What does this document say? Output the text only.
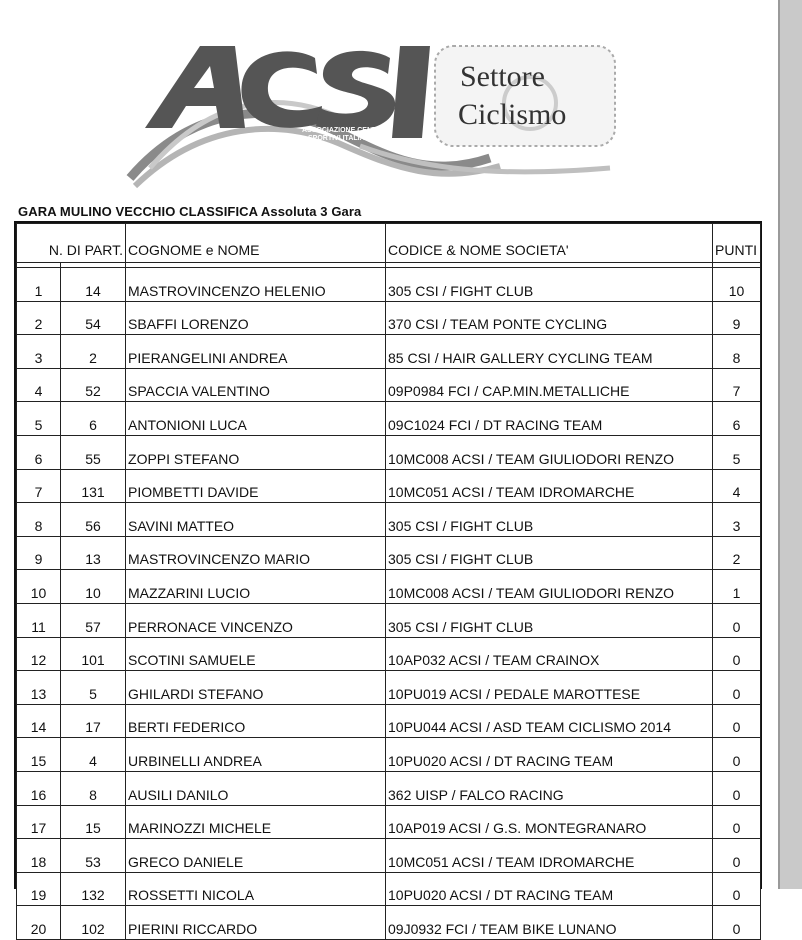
ASSOCIAZIONE CENTRI
SPORTIVI ITALIANI
Settore
Ciclismo
GARA MULINO VECCHIO CLASSIFICA Assoluta 3 Gara
N. DI PART.		COGNOME e NOME	CODICE & NOME SOCIETA'	PUNTI

1	14	MASTROVINCENZO HELENIO	305 CSI / FIGHT CLUB	10
2	54	SBAFFI LORENZO	370 CSI / TEAM PONTE CYCLING	9
3	2	PIERANGELINI ANDREA	85 CSI / HAIR GALLERY CYCLING TEAM	8
4	52	SPACCIA VALENTINO	09P0984 FCI / CAP.MIN.METALLICHE	7
5	6	ANTONIONI LUCA	09C1024 FCI / DT RACING TEAM	6
6	55	ZOPPI STEFANO	10MC008 ACSI / TEAM GIULIODORI RENZO	5
7	131	PIOMBETTI DAVIDE	10MC051 ACSI / TEAM IDROMARCHE	4
8	56	SAVINI MATTEO	305 CSI / FIGHT CLUB	3
9	13	MASTROVINCENZO MARIO	305 CSI / FIGHT CLUB	2
10	10	MAZZARINI LUCIO	10MC008 ACSI / TEAM GIULIODORI RENZO	1
11	57	PERRONACE VINCENZO	305 CSI / FIGHT CLUB	0
12	101	SCOTINI SAMUELE	10AP032 ACSI / TEAM CRAINOX	0
13	5	GHILARDI STEFANO	10PU019 ACSI / PEDALE MAROTTESE	0
14	17	BERTI FEDERICO	10PU044 ACSI / ASD TEAM CICLISMO 2014	0
15	4	URBINELLI ANDREA	10PU020 ACSI / DT RACING TEAM	0
16	8	AUSILI DANILO	362 UISP / FALCO RACING	0
17	15	MARINOZZI MICHELE	10AP019 ACSI / G.S. MONTEGRANARO	0
18	53	GRECO DANIELE	10MC051 ACSI / TEAM IDROMARCHE	0
19	132	ROSSETTI NICOLA	10PU020 ACSI / DT RACING TEAM	0
20	102	PIERINI RICCARDO	09J0932 FCI / TEAM BIKE LUNANO	0
